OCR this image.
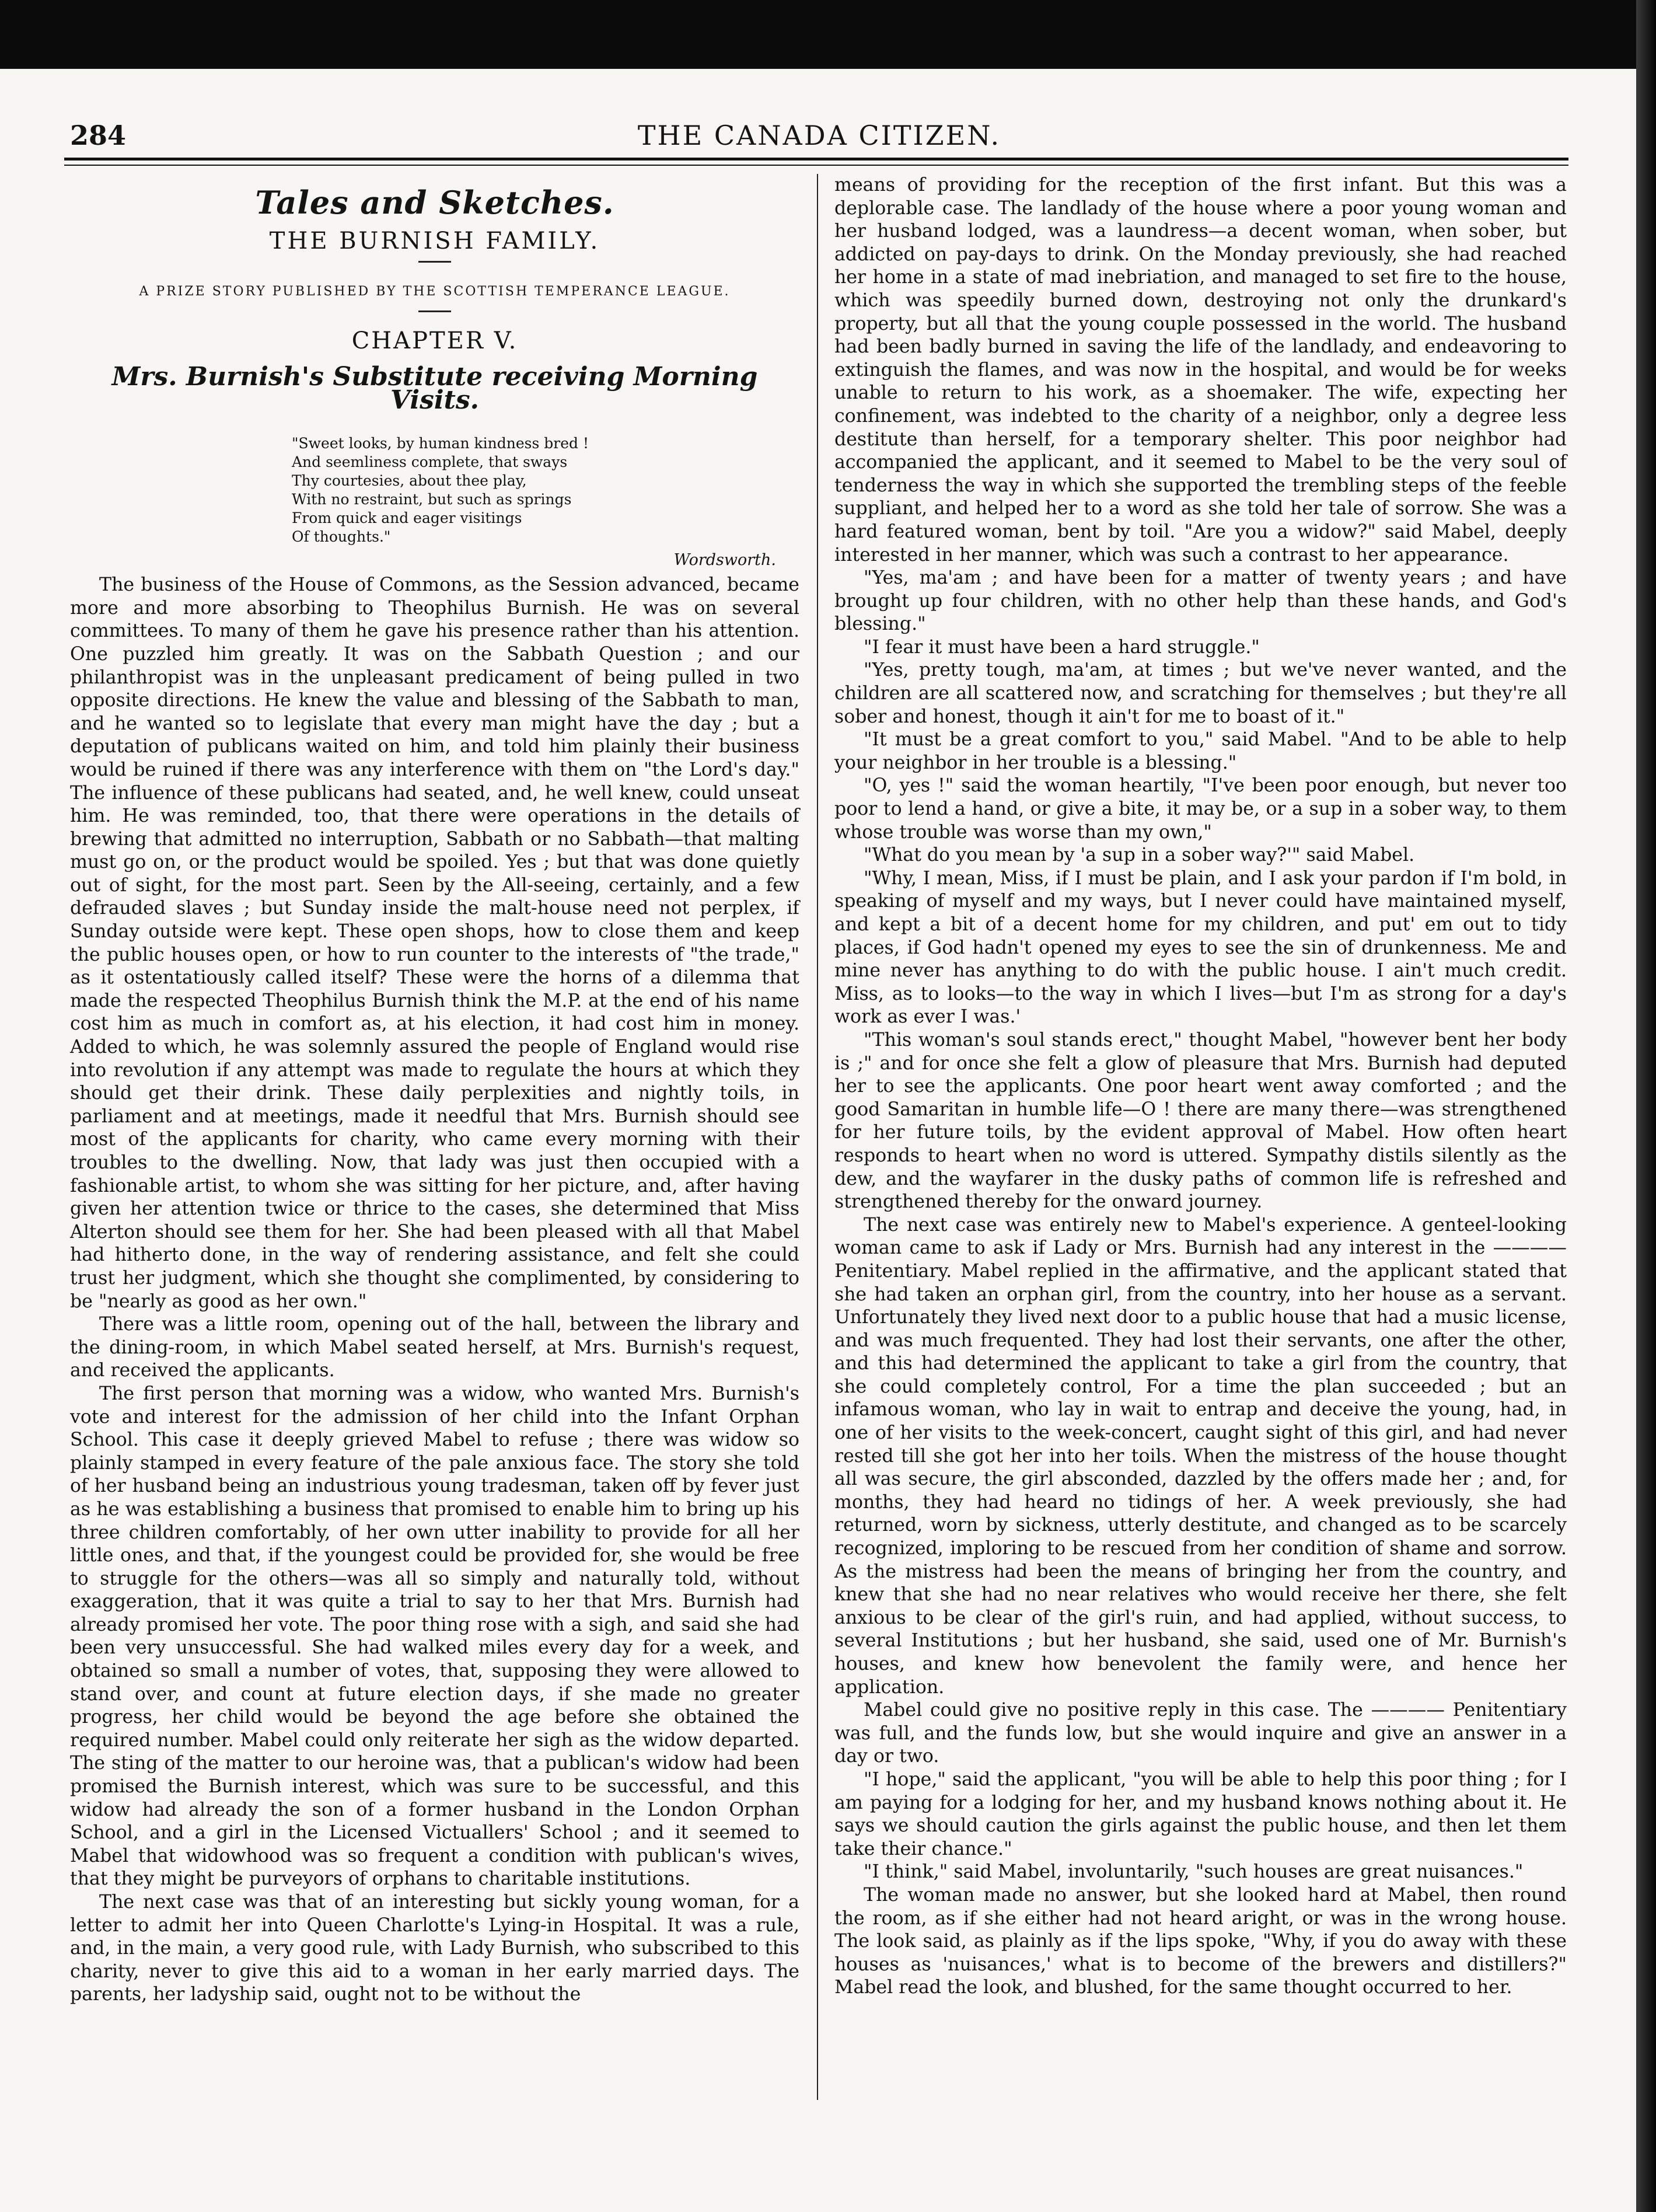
284	THE CANADA CITIZEN.
Tales and Sketches.
THE BURNISH FAMILY.
A PRIZE STORY PUBLISHED BY THE SCOTTISH TEMPERANCE LEAGUE.
CHAPTER V.
Mrs. Burnish's Substitute receiving Morning Visits.
"Sweet looks, by human kindness bred !
And seemliness complete, that sways
Thy courtesies, about thee play,
With no restraint, but such as springs
From quick and eager visitings
Of thoughts."
Wordsworth.

The business of the House of Commons, as the Session advanced, became more and more absorbing to Theophilus Burnish. He was on several committees. To many of them he gave his presence rather than his attention. One puzzled him greatly. It was on the Sabbath Question ; and our philanthropist was in the unpleasant predicament of being pulled in two opposite directions. He knew the value and blessing of the Sabbath to man, and he wanted so to legislate that every man might have the day ; but a deputation of publicans waited on him, and told him plainly their business would be ruined if there was any interference with them on "the Lord's day." The influence of these publicans had seated, and, he well knew, could unseat him. He was reminded, too, that there were operations in the details of brewing that admitted no interruption, Sabbath or no Sabbath—that malting must go on, or the product would be spoiled. Yes ; but that was done quietly out of sight, for the most part. Seen by the All-seeing, certainly, and a few defrauded slaves ; but Sunday inside the malt-house need not perplex, if Sunday outside were kept. These open shops, how to close them and keep the public houses open, or how to run counter to the interests of "the trade," as it ostentatiously called itself? These were the horns of a dilemma that made the respected Theophilus Burnish think the M.P. at the end of his name cost him as much in comfort as, at his election, it had cost him in money. Added to which, he was solemnly assured the people of England would rise into revolution if any attempt was made to regulate the hours at which they should get their drink. These daily perplexities and nightly toils, in parliament and at meetings, made it needful that Mrs. Burnish should see most of the applicants for charity, who came every morning with their troubles to the dwelling. Now, that lady was just then occupied with a fashionable artist, to whom she was sitting for her picture, and, after having given her attention twice or thrice to the cases, she determined that Miss Alterton should see them for her. She had been pleased with all that Mabel had hitherto done, in the way of rendering assistance, and felt she could trust her judgment, which she thought she complimented, by considering to be "nearly as good as her own."

There was a little room, opening out of the hall, between the library and the dining-room, in which Mabel seated herself, at Mrs. Burnish's request, and received the applicants.

The first person that morning was a widow, who wanted Mrs. Burnish's vote and interest for the admission of her child into the Infant Orphan School. This case it deeply grieved Mabel to refuse ; there was widow so plainly stamped in every feature of the pale anxious face. The story she told of her husband being an industrious young tradesman, taken off by fever just as he was establishing a business that promised to enable him to bring up his three children comfortably, of her own utter inability to provide for all her little ones, and that, if the youngest could be provided for, she would be free to struggle for the others—was all so simply and naturally told, without exaggeration, that it was quite a trial to say to her that Mrs. Burnish had already promised her vote. The poor thing rose with a sigh, and said she had been very unsuccessful. She had walked miles every day for a week, and obtained so small a number of votes, that, supposing they were allowed to stand over, and count at future election days, if she made no greater progress, her child would be beyond the age before she obtained the required number. Mabel could only reiterate her sigh as the widow departed. The sting of the matter to our heroine was, that a publican's widow had been promised the Burnish interest, which was sure to be successful, and this widow had already the son of a former husband in the London Orphan School, and a girl in the Licensed Victuallers' School ; and it seemed to Mabel that widowhood was so frequent a condition with publican's wives, that they might be purveyors of orphans to charitable institutions.

The next case was that of an interesting but sickly young woman, for a letter to admit her into Queen Charlotte's Lying-in Hospital. It was a rule, and, in the main, a very good rule, with Lady Burnish, who subscribed to this charity, never to give this aid to a woman in her early married days. The parents, her ladyship said, ought not to be without the

means of providing for the reception of the first infant. But this was a deplorable case. The landlady of the house where a poor young woman and her husband lodged, was a laundress—a decent woman, when sober, but addicted on pay-days to drink. On the Monday previously, she had reached her home in a state of mad inebriation, and managed to set fire to the house, which was speedily burned down, destroying not only the drunkard's property, but all that the young couple possessed in the world. The husband had been badly burned in saving the life of the landlady, and endeavoring to extinguish the flames, and was now in the hospital, and would be for weeks unable to return to his work, as a shoemaker. The wife, expecting her confinement, was indebted to the charity of a neighbor, only a degree less destitute than herself, for a temporary shelter. This poor neighbor had accompanied the applicant, and it seemed to Mabel to be the very soul of tenderness the way in which she supported the trembling steps of the feeble suppliant, and helped her to a word as she told her tale of sorrow. She was a hard featured woman, bent by toil. "Are you a widow?" said Mabel, deeply interested in her manner, which was such a contrast to her appearance.

"Yes, ma'am ; and have been for a matter of twenty years ; and have brought up four children, with no other help than these hands, and God's blessing."

"I fear it must have been a hard struggle."

"Yes, pretty tough, ma'am, at times ; but we've never wanted, and the children are all scattered now, and scratching for themselves ; but they're all sober and honest, though it ain't for me to boast of it."

"It must be a great comfort to you," said Mabel. "And to be able to help your neighbor in her trouble is a blessing."

"O, yes !" said the woman heartily, "I've been poor enough, but never too poor to lend a hand, or give a bite, it may be, or a sup in a sober way, to them whose trouble was worse than my own,"

"What do you mean by 'a sup in a sober way?'" said Mabel.

"Why, I mean, Miss, if I must be plain, and I ask your pardon if I'm bold, in speaking of myself and my ways, but I never could have maintained myself, and kept a bit of a decent home for my children, and put' em out to tidy places, if God hadn't opened my eyes to see the sin of drunkenness. Me and mine never has anything to do with the public house. I ain't much credit. Miss, as to looks—to the way in which I lives—but I'm as strong for a day's work as ever I was.'

"This woman's soul stands erect," thought Mabel, "however bent her body is ;" and for once she felt a glow of pleasure that Mrs. Burnish had deputed her to see the applicants. One poor heart went away comforted ; and the good Samaritan in humble life—O ! there are many there—was strengthened for her future toils, by the evident approval of Mabel. How often heart responds to heart when no word is uttered. Sympathy distils silently as the dew, and the wayfarer in the dusky paths of common life is refreshed and strengthened thereby for the onward journey.

The next case was entirely new to Mabel's experience. A genteel-looking woman came to ask if Lady or Mrs. Burnish had any interest in the ———— Penitentiary. Mabel replied in the affirmative, and the applicant stated that she had taken an orphan girl, from the country, into her house as a servant. Unfortunately they lived next door to a public house that had a music license, and was much frequented. They had lost their servants, one after the other, and this had determined the applicant to take a girl from the country, that she could completely control, For a time the plan succeeded ; but an infamous woman, who lay in wait to entrap and deceive the young, had, in one of her visits to the week-concert, caught sight of this girl, and had never rested till she got her into her toils. When the mistress of the house thought all was secure, the girl absconded, dazzled by the offers made her ; and, for months, they had heard no tidings of her. A week previously, she had returned, worn by sickness, utterly destitute, and changed as to be scarcely recognized, imploring to be rescued from her condition of shame and sorrow. As the mistress had been the means of bringing her from the country, and knew that she had no near relatives who would receive her there, she felt anxious to be clear of the girl's ruin, and had applied, without success, to several Institutions ; but her husband, she said, used one of Mr. Burnish's houses, and knew how benevolent the family were, and hence her application.

Mabel could give no positive reply in this case. The ———— Penitentiary was full, and the funds low, but she would inquire and give an answer in a day or two.

"I hope," said the applicant, "you will be able to help this poor thing ; for I am paying for a lodging for her, and my husband knows nothing about it. He says we should caution the girls against the public house, and then let them take their chance."

"I think," said Mabel, involuntarily, "such houses are great nuisances."

The woman made no answer, but she looked hard at Mabel, then round the room, as if she either had not heard aright, or was in the wrong house. The look said, as plainly as if the lips spoke, "Why, if you do away with these houses as 'nuisances,' what is to become of the brewers and distillers?" Mabel read the look, and blushed, for the same thought occurred to her.
